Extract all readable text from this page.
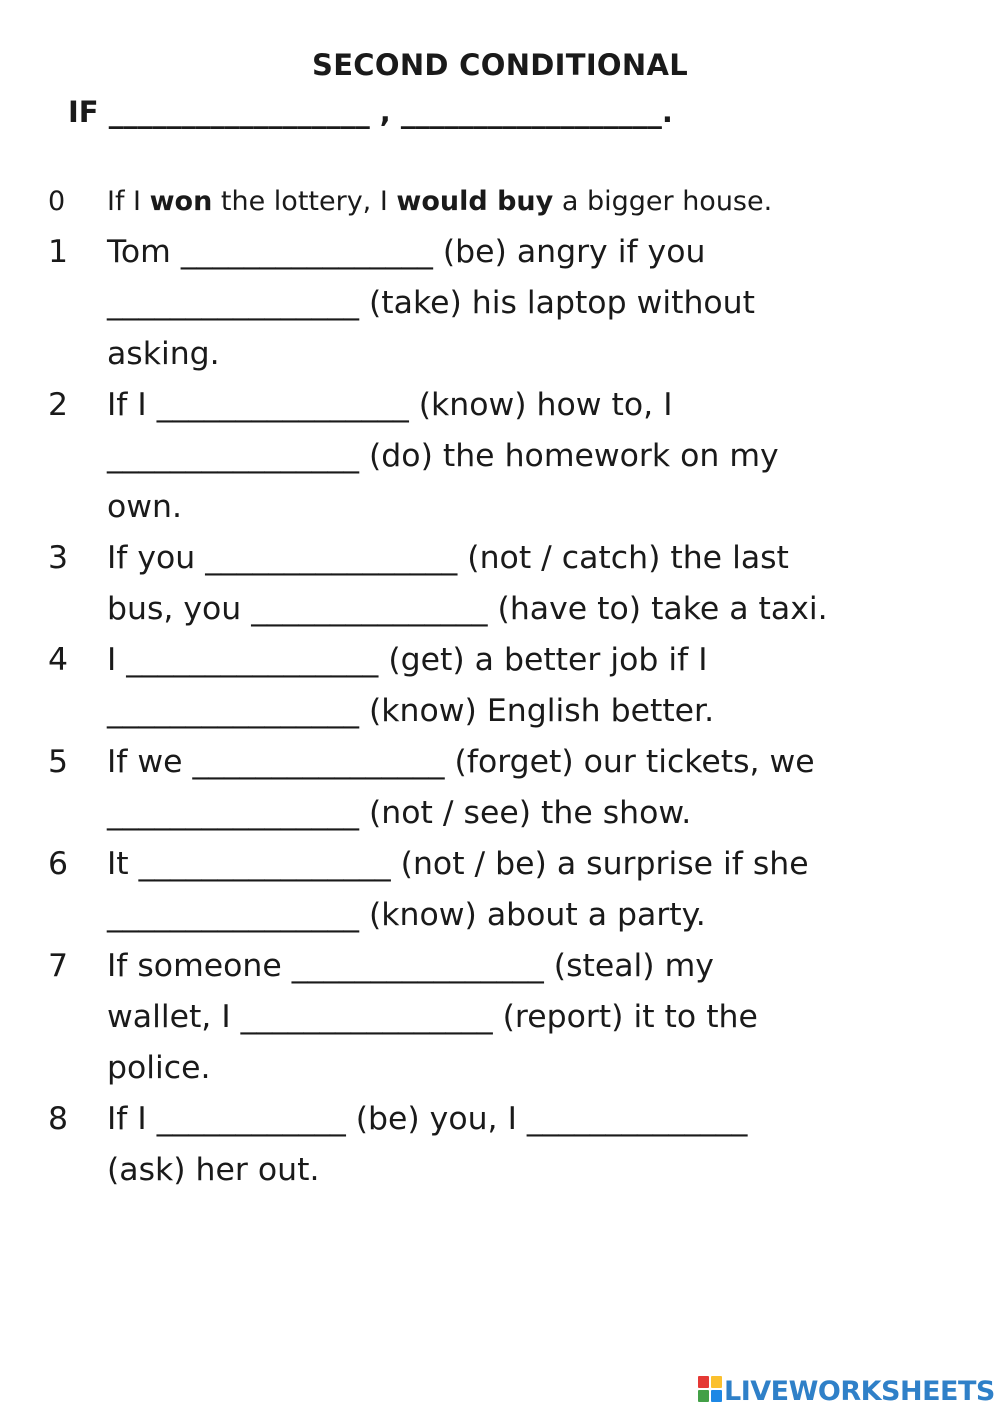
SECOND CONDITIONAL
IF __________________ , __________________.
0 If I won the lottery, I would buy a bigger house.
1 Tom ________________ (be) angry if you
________________ (take) his laptop without
asking.
2 If I ________________ (know) how to, I
________________ (do) the homework on my
own.
3 If you ________________ (not / catch) the last
bus, you _______________ (have to) take a taxi.
4 I ________________ (get) a better job if I
________________ (know) English better.
5 If we ________________ (forget) our tickets, we
________________ (not / see) the show.
6 It ________________ (not / be) a surprise if she
________________ (know) about a party.
7 If someone ________________ (steal) my
wallet, I ________________ (report) it to the
police.
8 If I ____________ (be) you, I ______________
(ask) her out.
LIVEWORKSHEETS
